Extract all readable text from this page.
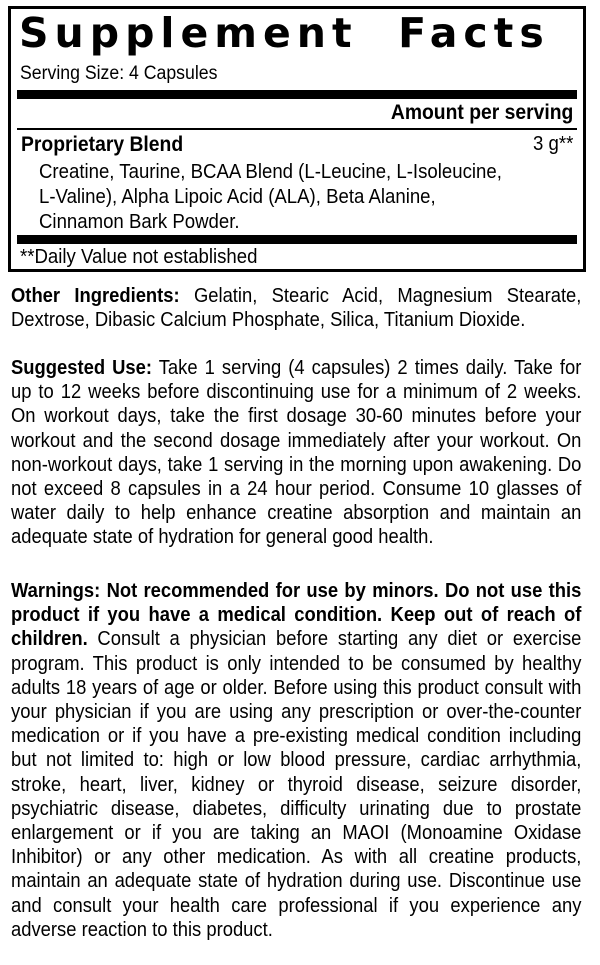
Supplement  Facts
Serving Size: 4 Capsules
Amount per serving
Proprietary Blend	3 g**
Creatine, Taurine, BCAA Blend (L-Leucine, L-Isoleucine, L-Valine), Alpha Lipoic Acid (ALA), Beta Alanine, Cinnamon Bark Powder.
**Daily Value not established
Other Ingredients: Gelatin, Stearic Acid, Magnesium Stearate, Dextrose, Dibasic Calcium Phosphate, Silica, Titanium Dioxide.
Suggested Use: Take 1 serving (4 capsules) 2 times daily. Take for up to 12 weeks before discontinuing use for a minimum of 2 weeks. On workout days, take the first dosage 30-60 minutes before your workout and the second dosage immediately after your workout. On non-workout days, take 1 serving in the morning upon awakening. Do not exceed 8 capsules in a 24 hour period. Consume 10 glasses of water daily to help enhance creatine absorption and maintain an adequate state of hydration for general good health.
Warnings: Not recommended for use by minors. Do not use this product if you have a medical condition. Keep out of reach of children. Consult a physician before starting any diet or exercise program. This product is only intended to be consumed by healthy adults 18 years of age or older. Before using this product consult with your physician if you are using any prescription or over-the-counter medication or if you have a pre-existing medical condition including but not limited to: high or low blood pressure, cardiac arrhythmia, stroke, heart, liver, kidney or thyroid disease, seizure disorder, psychiatric disease, diabetes, difficulty urinating due to prostate enlargement or if you are taking an MAOI (Monoamine Oxidase Inhibitor) or any other medication. As with all creatine products, maintain an adequate state of hydration during use. Discontinue use and consult your health care professional if you experience any adverse reaction to this product.
